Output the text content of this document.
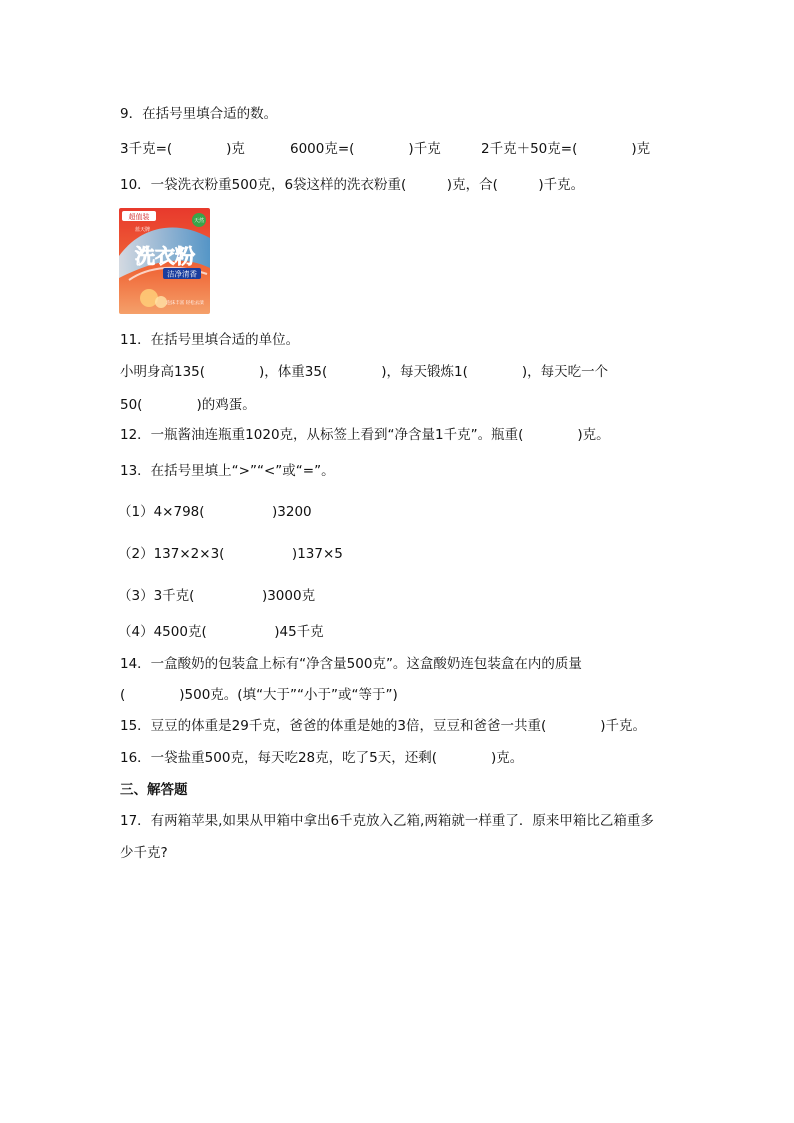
9．在括号里填合适的数。
3千克=(　　　　)克	6000克=(　　　　)千克	2千克＋50克=(　　　　)克
10．一袋洗衣粉重500克，6袋这样的洗衣粉重(　　　)克，合(　　　)千克。
超值装
蓝天牌
天然
洗衣粉
洁净清香
泡沫丰富 轻松去渍
11．在括号里填合适的单位。
小明身高135(　　　　)，体重35(　　　　)，每天锻炼1(　　　　)，每天吃一个
50(　　　　)的鸡蛋。
12．一瓶酱油连瓶重1020克，从标签上看到“净含量1千克”。瓶重(　　　　)克。
13．在括号里填上“>”“<”或“=”。
（1）4×798(　　　　　)3200
（2）137×2×3(　　　　　)137×5
（3）3千克(　　　　　)3000克
（4）4500克(　　　　　)45千克
14．一盒酸奶的包装盒上标有“净含量500克”。这盒酸奶连包装盒在内的质量
(　　　　)500克。(填“大于”“小于”或“等于”)
15．豆豆的体重是29千克，爸爸的体重是她的3倍，豆豆和爸爸一共重(　　　　)千克。
16．一袋盐重500克，每天吃28克，吃了5天，还剩(　　　　)克。
三、解答题
17．有两箱苹果,如果从甲箱中拿出6千克放入乙箱,两箱就一样重了．原来甲箱比乙箱重多
少千克?
